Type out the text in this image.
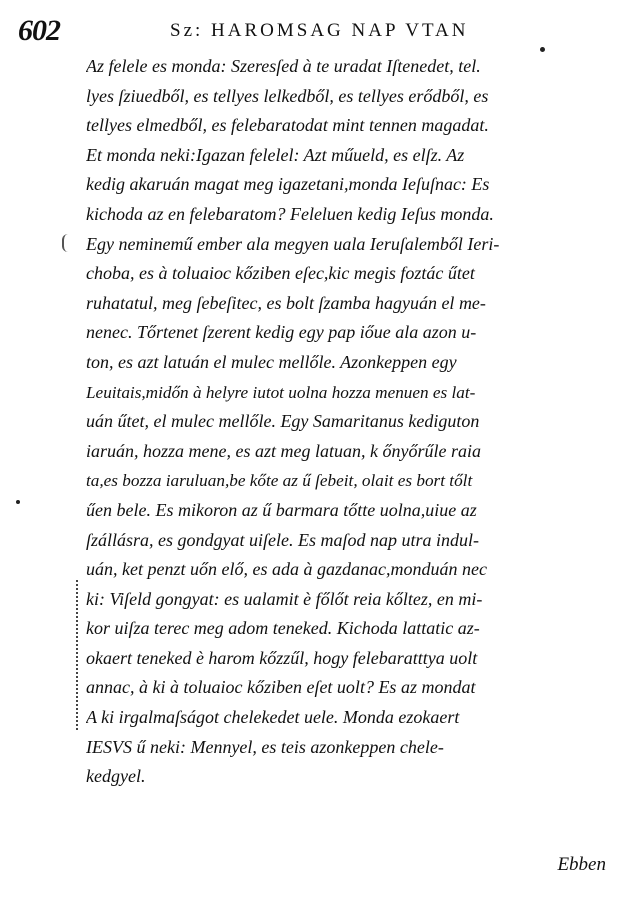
602	Sz: HAROMSAG NAP VTAN
Az felele es monda: Szeresſed à te uradat Iſtenedet, tel.
lyes ſziuedből, es tellyes lelkedből, es tellyes erődből, es
tellyes elmedből, es felebaratodat mint tennen magadat.
Et monda neki:Igazan felelel: Azt műueld, es elſz. Az
kedig akaruán magat meg igazetani,monda Ieſuſnac: Es
kichoda az en felebaratom? Feleluen kedig Ieſus monda.
Egy neminemű ember ala megyen uala Ieruſalemből Ieri-
choba, es à toluaioc kőziben eſec,kic megis foztác űtet
ruhatatul, meg ſebeſitec, es bolt ſzamba hagyuán el me-
nenec. Tőrtenet ſzerent kedig egy pap iőue ala azon u-
ton, es azt latuán el mulec mellőle. Azonkeppen egy
Leuitais,midőn à helyre iutot uolna hozza menuen es lat-
uán űtet, el mulec mellőle. Egy Samaritanus kediguton
iaruán, hozza mene, es azt meg latuan, k őnyőrűle raia
ta,es bozza iaruluan,be kőte az ű ſebeit, olait es bort tőlt
űen bele. Es mikoron az ű barmara tőtte uolna,uiue az
ſzállásra, es gondgyat uiſele. Es maſod nap utra indul-
uán, ket penzt uőn elő, es ada à gazdanac,monduán nec
ki: Viſeld gongyat: es ualamit è főlőt reia kőltez, en mi-
kor uiſza terec meg adom teneked. Kichoda lattatic az-
okaert teneked è harom kőzzűl, hogy felebaratttya uolt
annac, à ki à toluaioc kőziben eſet uolt? Es az mondat
A ki irgalmaſságot chelekedet uele. Monda ezokaert
IESVS ű neki: Mennyel, es teis azonkeppen chele-
kedgyel.
Ebben
